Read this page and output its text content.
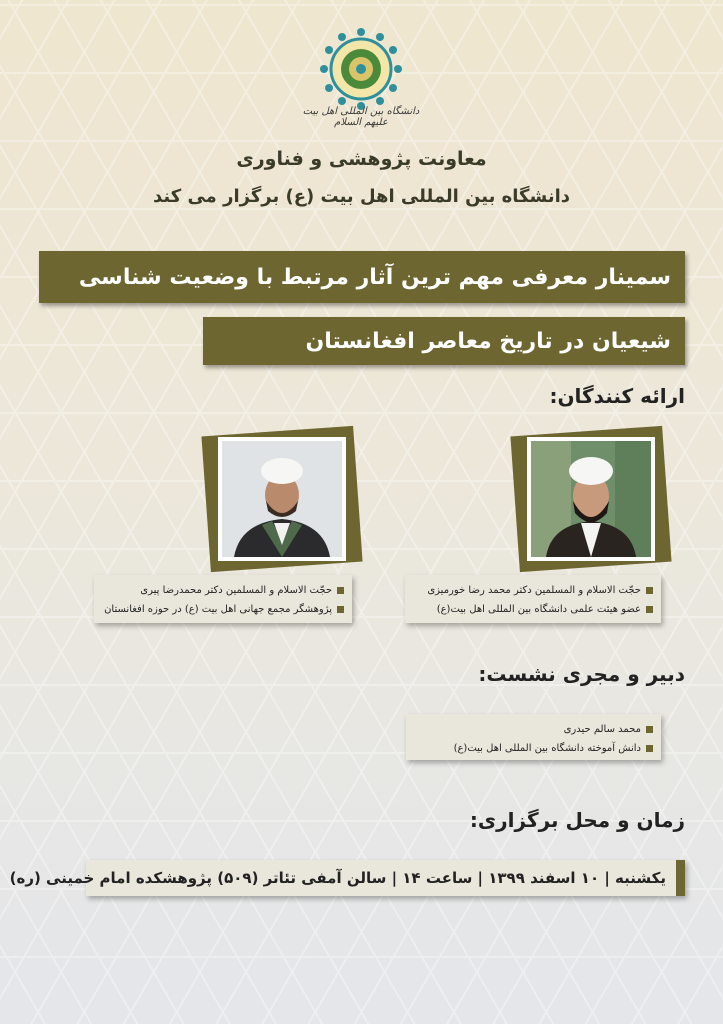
دانشگاه بین المللی اهل بیت علیهم السلام
معاونت پژوهشی و فناوری
دانشگاه بین المللی اهل بیت (ع) برگزار می کند
سمینار معرفی مهم ترین آثار مرتبط با وضعیت شناسی
شیعیان در تاریخ معاصر افغانستان
ارائه کنندگان:
حجّت الاسلام و المسلمین دکتر محمد رضا خورمیزی
عضو هیئت علمی دانشگاه بین المللی اهل بیت(ع)
حجّت الاسلام و المسلمین دکتر محمدرضا پیری
پژوهشگر مجمع جهانی اهل بیت (ع) در حوزه افغانستان
دبیر و مجری نشست:
محمد سالم حیدری
دانش آموخته دانشگاه بین المللی اهل بیت(ع)
زمان و محل برگزاری:
یکشنبه | ۱۰ اسفند ۱۳۹۹ | ساعت ۱۴ | سالن آمفی تئاتر (۵۰۹) پژوهشکده امام خمینی (ره)
